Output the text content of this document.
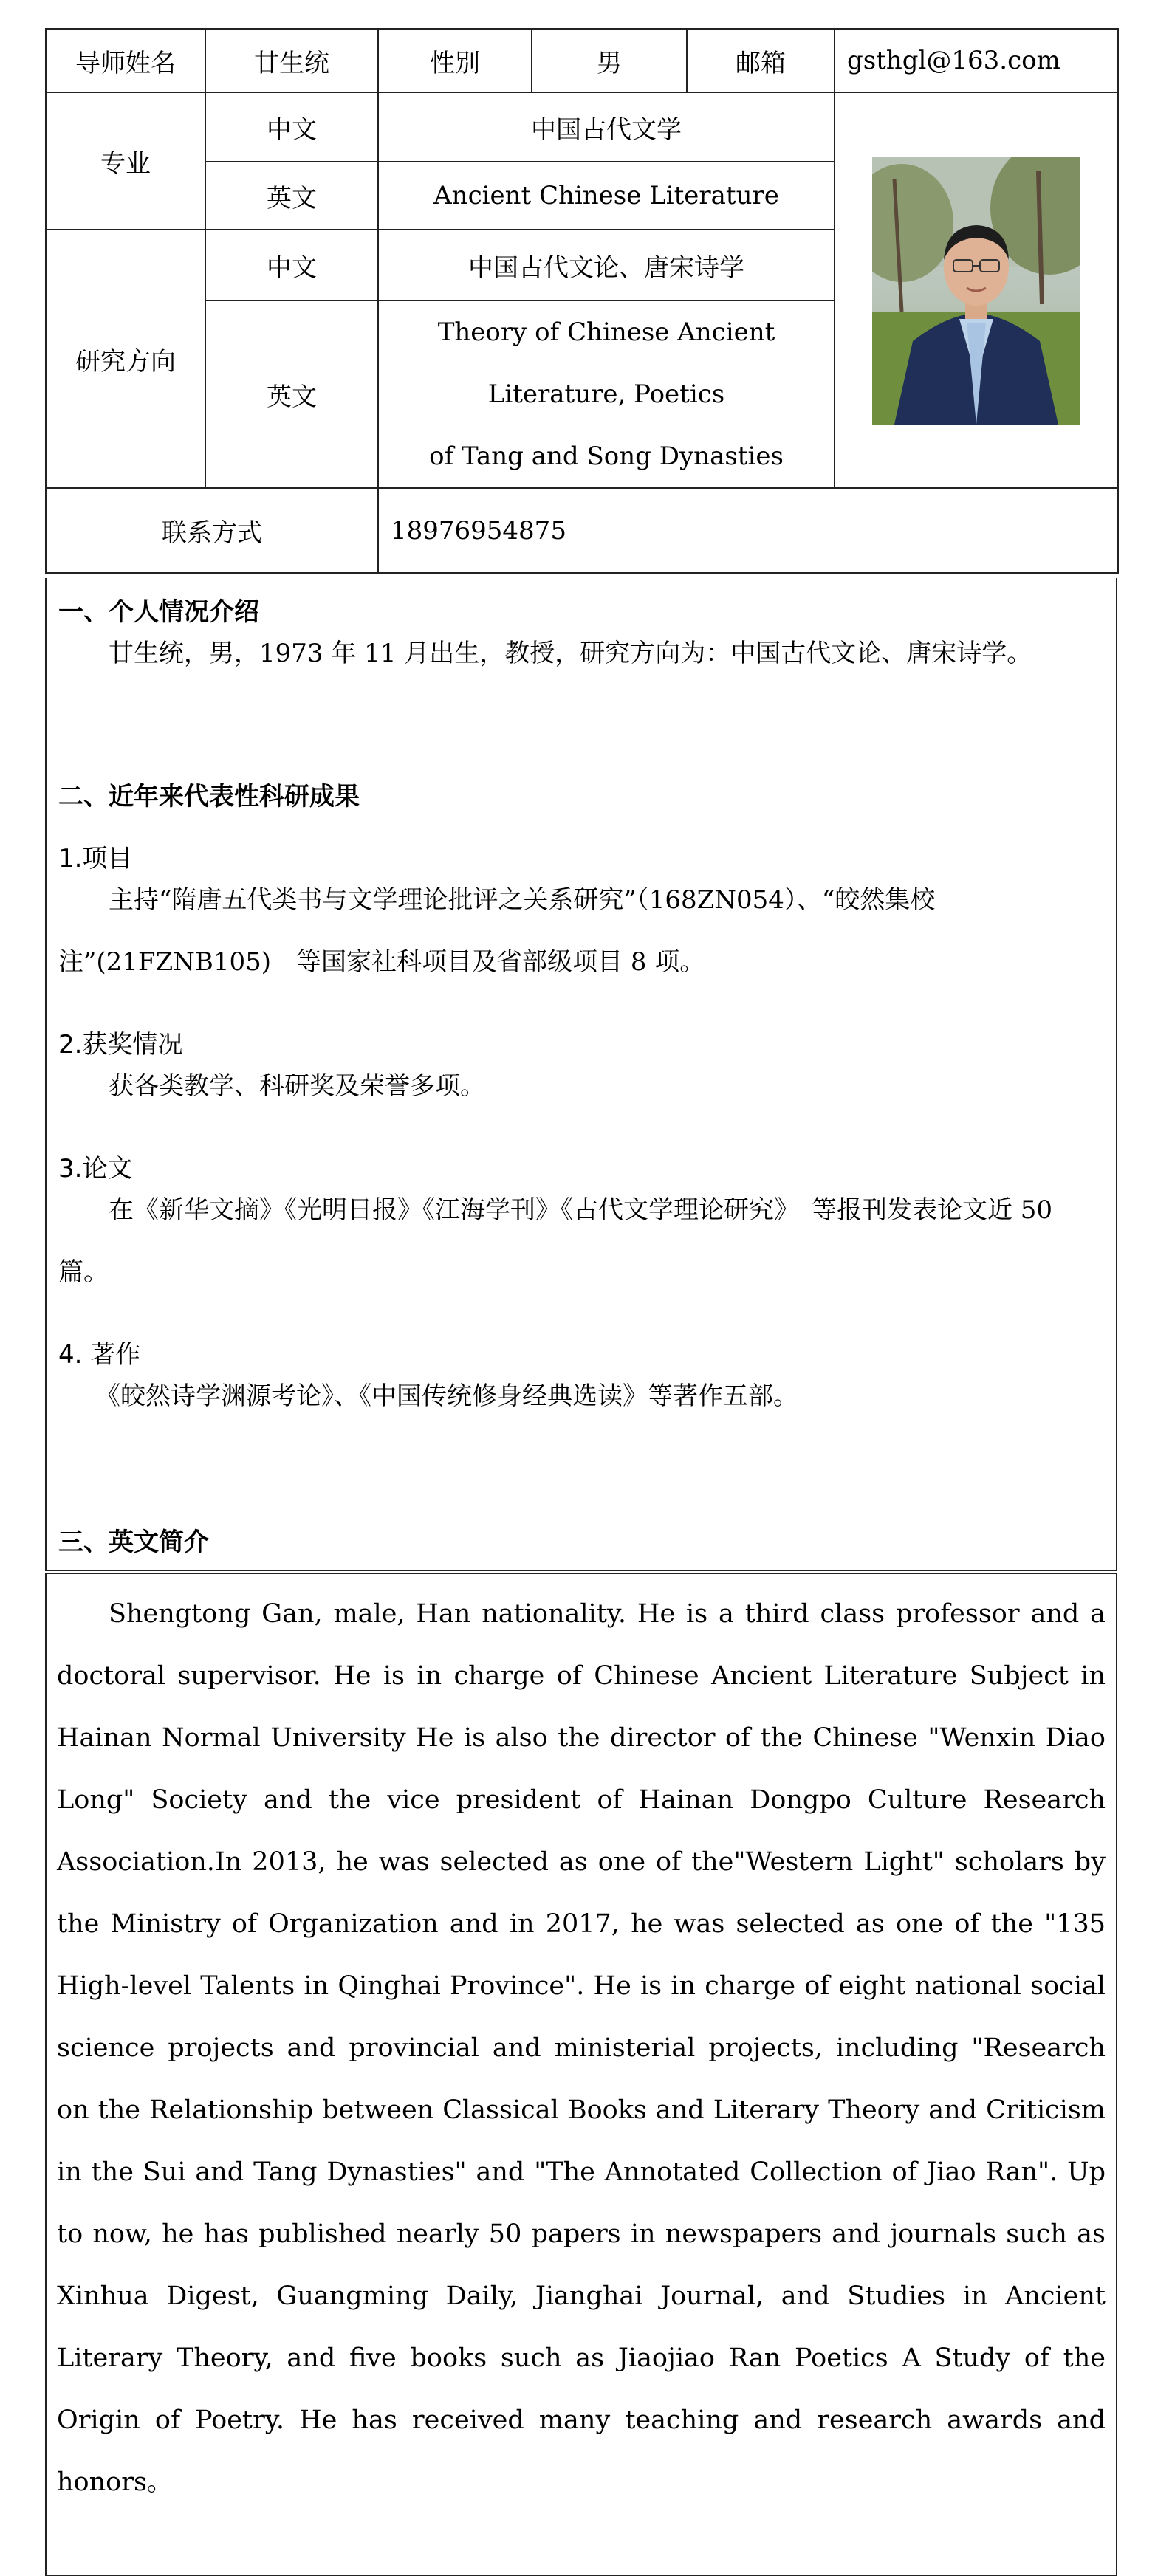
导师姓名	甘生统	性别	男	邮箱	gsthgl@163.com
专业	中文	中国古代文学	

	英文	Ancient Chinese Literature			
研究方向	中文	中国古代文论、唐宋诗学			
	英文	Theory of Chinese Ancient
Literature, Poetics
of Tang and Song Dynasties			

联系方式		18976954875			
一、个人情况介绍
甘生统，男，1973 年 11 月出生，教授，研究方向为：中国古代文论、唐宋诗学。
二、近年来代表性科研成果
1.项目
主持“隋唐五代类书与文学理论批评之关系研究”（168ZN054）、“皎然集校注”(21FZNB105)　等国家社科项目及省部级项目 8 项。
2.获奖情况
获各类教学、科研奖及荣誉多项。
3.论文
在《新华文摘》《光明日报》《江海学刊》《古代文学理论研究》　等报刊发表论文近 50 篇。
4. 著作
《皎然诗学渊源考论》、《中国传统修身经典选读》等著作五部。
三、英文简介
Shengtong Gan, male, Han nationality. He is a third class professor and a doctoral supervisor. He is in charge of Chinese Ancient Literature Subject in Hainan Normal University He is also the director of the Chinese "Wenxin Diao Long" Society and the vice president of Hainan Dongpo Culture Research Association.In 2013, he was selected as one of the"Western Light" scholars by the Ministry of Organization and in 2017, he was selected as one of the "135 High-level Talents in Qinghai Province". He is in charge of eight national social science projects and provincial and ministerial projects, including "Research on the Relationship between Classical Books and Literary Theory and Criticism in the Sui and Tang Dynasties" and "The Annotated Collection of Jiao Ran". Up to now, he has published nearly 50 papers in newspapers and journals such as Xinhua Digest, Guangming Daily, Jianghai Journal, and Studies in Ancient Literary Theory, and five books such as Jiaojiao Ran Poetics A Study of the Origin of Poetry. He has received many teaching and research awards and honors。
